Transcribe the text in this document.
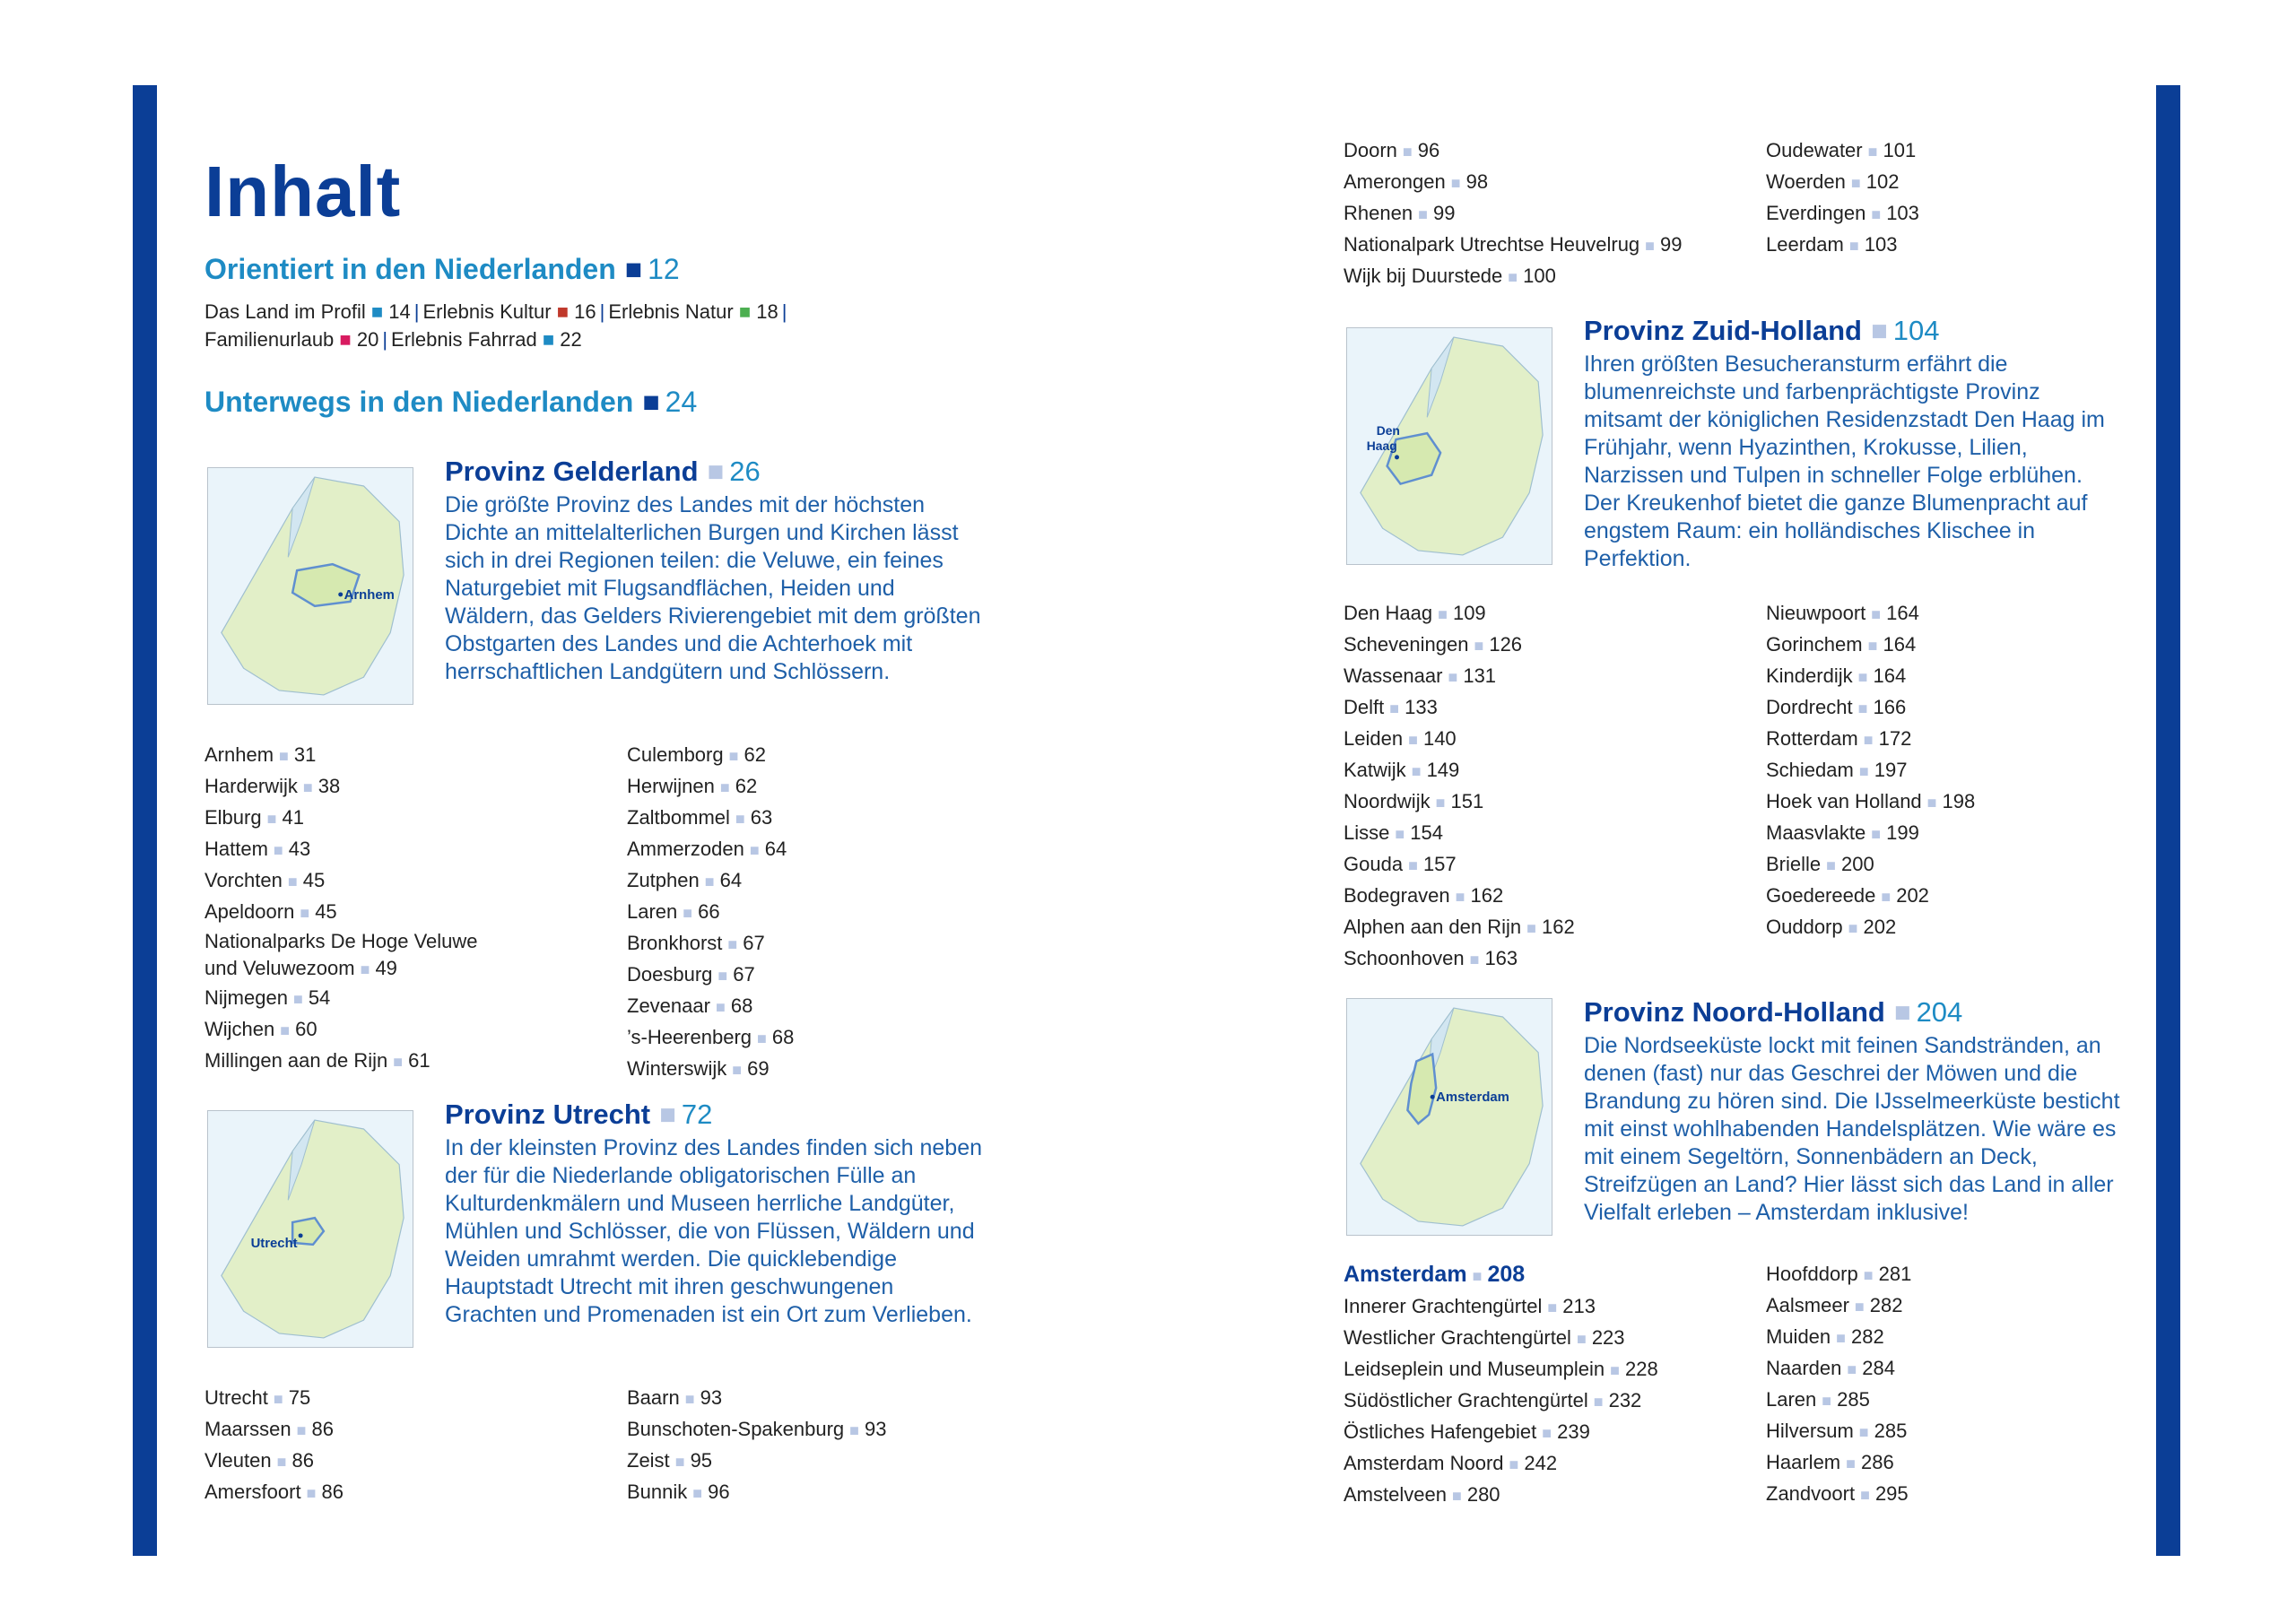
Inhalt
Orientiert in den Niederlanden ■ 12
Das Land im Profil ■ 14 | Erlebnis Kultur ■ 16 | Erlebnis Natur ■ 18 |
Familienurlaub ■ 20 | Erlebnis Fahrrad ■ 22
Unterwegs in den Niederlanden ■ 24
Arnhem
Provinz Gelderland ■ 26

Die größte Provinz des Landes mit der höchsten Dichte an mittelalterlichen Burgen und Kirchen lässt sich in drei Regionen teilen: die Veluwe, ein feines Naturgebiet mit Flugsandflächen, Heiden und Wäldern, das Gelders Rivierengebiet mit dem größten Obstgarten des Landes und die Achterhoek mit herrschaftlichen Landgütern und Schlössern.

Arnhem ■ 31
Harderwijk ■ 38
Elburg ■ 41
Hattem ■ 43
Vorchten ■ 45
Apeldoorn ■ 45
Nationalparks De Hoge Veluwe
und Veluwezoom ■ 49
Nijmegen ■ 54
Wijchen ■ 60
Millingen aan de Rijn ■ 61
Culemborg ■ 62
Herwijnen ■ 62
Zaltbommel ■ 63
Ammerzoden ■ 64
Zutphen ■ 64
Laren ■ 66
Bronkhorst ■ 67
Doesburg ■ 67
Zevenaar ■ 68
’s-Heerenberg ■ 68
Winterswijk ■ 69
Utrecht
Provinz Utrecht ■ 72

In der kleinsten Provinz des Landes finden sich neben der für die Niederlande obligatorischen Fülle an Kulturdenkmälern und Museen herrliche Landgüter, Mühlen und Schlösser, die von Flüssen, Wäldern und Weiden umrahmt werden. Die quicklebendige Hauptstadt Utrecht mit ihren geschwungenen Grachten und Promenaden ist ein Ort zum Verlieben.

Utrecht ■ 75
Maarssen ■ 86
Vleuten ■ 86
Amersfoort ■ 86
Baarn ■ 93
Bunschoten-Spakenburg ■ 93
Zeist ■ 95
Bunnik ■ 96
Doorn ■ 96
Amerongen ■ 98
Rhenen ■ 99
Nationalpark Utrechtse Heuvelrug ■ 99
Wijk bij Duurstede ■ 100
Oudewater ■ 101
Woerden ■ 102
Everdingen ■ 103
Leerdam ■ 103
Den
Haag
Provinz Zuid-Holland ■ 104

Ihren größten Besucheransturm erfährt die blumenreichste und farbenprächtigste Provinz mitsamt der königlichen Residenzstadt Den Haag im Frühjahr, wenn Hyazinthen, Krokusse, Lilien, Narzissen und Tulpen in schneller Folge erblühen. Der Kreukenhof bietet die ganze Blumenpracht auf engstem Raum: ein holländisches Klischee in Perfektion.

Den Haag ■ 109
Scheveningen ■ 126
Wassenaar ■ 131
Delft ■ 133
Leiden ■ 140
Katwijk ■ 149
Noordwijk ■ 151
Lisse ■ 154
Gouda ■ 157
Bodegraven ■ 162
Alphen aan den Rijn ■ 162
Schoonhoven ■ 163
Nieuwpoort ■ 164
Gorinchem ■ 164
Kinderdijk ■ 164
Dordrecht ■ 166
Rotterdam ■ 172
Schiedam ■ 197
Hoek van Holland ■ 198
Maasvlakte ■ 199
Brielle ■ 200
Goedereede ■ 202
Ouddorp ■ 202
Amsterdam
Provinz Noord-Holland ■ 204

Die Nordseeküste lockt mit feinen Sandstränden, an denen (fast) nur das Geschrei der Möwen und die Brandung zu hören sind. Die IJsselmeerküste besticht mit einst wohlhabenden Handelsplätzen. Wie wäre es mit einem Segeltörn, Sonnenbädern an Deck, Streifzügen an Land? Hier lässt sich das Land in aller Vielfalt erleben – Amsterdam inklusive!

Amsterdam ■ 208
Innerer Grachtengürtel ■ 213
Westlicher Grachtengürtel ■ 223
Leidseplein und Museumplein ■ 228
Südöstlicher Grachtengürtel ■ 232
Östliches Hafengebiet ■ 239
Amsterdam Noord ■ 242
Amstelveen ■ 280
Hoofddorp ■ 281
Aalsmeer ■ 282
Muiden ■ 282
Naarden ■ 284
Laren ■ 285
Hilversum ■ 285
Haarlem ■ 286
Zandvoort ■ 295
